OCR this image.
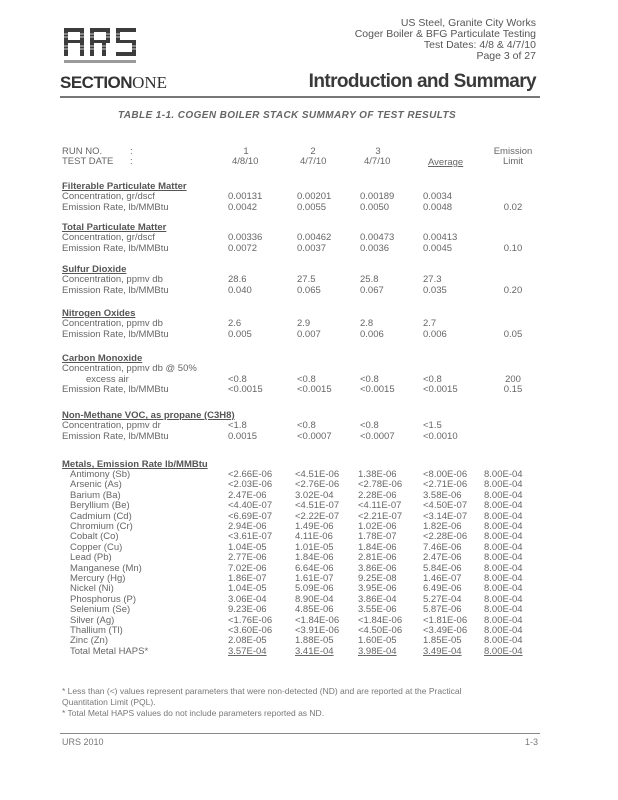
US Steel, Granite City Works
Coger Boiler & BFG Particulate Testing
Test Dates: 4/8 & 4/7/10
Page 3 of 27
SECTIONONE	Introduction and Summary
TABLE 1-1. COGEN BOILER STACK SUMMARY OF TEST RESULTS
RUN NO.	:	1	2	3	Emission
TEST DATE :	4/8/10	4/7/10	4/7/10	Average	Limit
Filterable Particulate Matter
Concentration, gr/dscf	0.00131	0.00201	0.00189	0.0034
Emission Rate, lb/MMBtu	0.0042	0.0055	0.0050	0.0048	0.02
Total Particulate Matter
Concentration, gr/dscf	0.00336	0.00462	0.00473	0.00413
Emission Rate, lb/MMBtu	0.0072	0.0037	0.0036	0.0045	0.10
Sulfur Dioxide
Concentration, ppmv db	28.6	27.5	25.8	27.3
Emission Rate, lb/MMBtu	0.040	0.065	0.067	0.035	0.20
Nitrogen Oxides
Concentration, ppmv db	2.6	2.9	2.8	2.7
Emission Rate, lb/MMBtu	0.005	0.007	0.006	0.006	0.05
Carbon Monoxide
Concentration, ppmv db @ 50%
excess air	<0.8	<0.8	<0.8	<0.8	200
Emission Rate, lb/MMBtu	<0.0015	<0.0015	<0.0015	<0.0015	0.15
Non-Methane VOC, as propane (C3H8)
Concentration, ppmv dr	<1.8	<0.8	<0.8	<1.5
Emission Rate, lb/MMBtu	0.0015	<0.0007	<0.0007	<0.0010
Metals, Emission Rate lb/MMBtu
Antimony (Sb)	<2.66E-06 <4.51E-06 1.38E-06	<8.00E-06 8.00E-04
Arsenic (As)	<2.03E-06 <2.76E-06 <2.78E-06 <2.71E-06 8.00E-04
Barium (Ba)	2.47E-06	3.02E-04	2.28E-06	3.58E-06 8.00E-04
Beryllium (Be)	<4.40E-07 <4.51E-07 <4.11E-07 <4.50E-07 8.00E-04
Cadmium (Cd)	<6.69E-07 <2.22E-07 <2.21E-07 <3.14E-07 8.00E-04
Chromium (Cr)	2.94E-06	1.49E-06	1.02E-06	1.82E-06 8.00E-04
Cobalt (Co)	<3.61E-07 4.11E-06	1.78E-07	<2.28E-06 8.00E-04
Copper (Cu)	1.04E-05	1.01E-05	1.84E-06	7.46E-06 8.00E-04
Lead (Pb)	2.77E-06	1.84E-06	2.81E-06	2.47E-06 8.00E-04
Manganese (Mn)	7.02E-06	6.64E-06	3.86E-06	5.84E-06 8.00E-04
Mercury (Hg)	1.86E-07	1.61E-07	9.25E-08	1.46E-07 8.00E-04
Nickel (Ni)	1.04E-05	5.09E-06	3.95E-06	6.49E-06 8.00E-04
Phosphorus (P)	3.06E-04	8.90E-04	3.86E-04	5.27E-04 8.00E-04
Selenium (Se)	9.23E-06	4.85E-06	3.55E-06	5.87E-06 8.00E-04
Silver (Ag)	<1.76E-06 <1.84E-06 <1.84E-06 <1.81E-06 8.00E-04
Thallium (Tl)	<3.60E-06 <3.91E-06 <4.50E-06 <3.49E-06 8.00E-04
Zinc (Zn)	2.08E-05	1.88E-05	1.60E-05	1.85E-05 8.00E-04
Total Metal HAPS*	3.57E-04	3.41E-04	3.98E-04	3.49E-04 8.00E-04
* Less than (<) values represent parameters that were non-detected (ND) and are reported at the Practical
Quantitation Limit (PQL).
* Total Metal HAPS values do not include parameters reported as ND.
URS 2010	1-3
